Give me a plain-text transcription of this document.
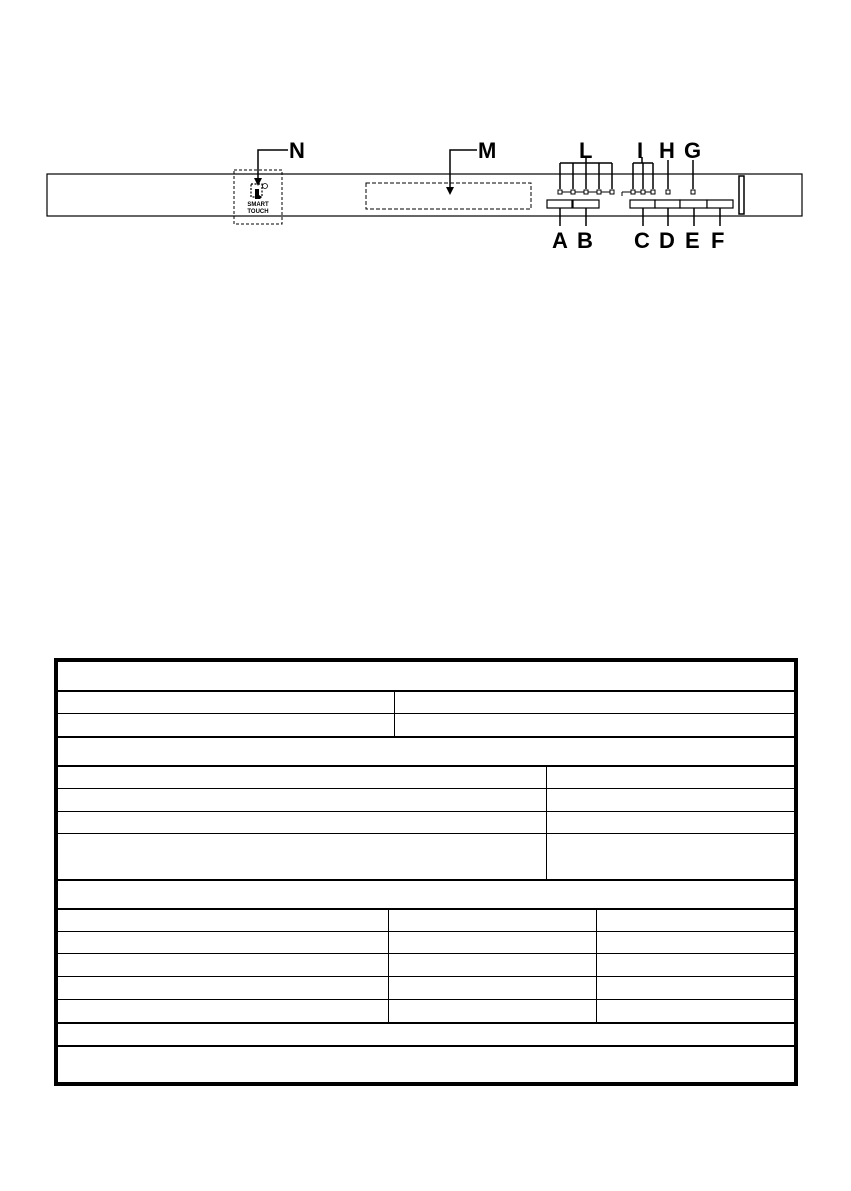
SMART
TOUCH
N	M	L I H G
A B C D E F
